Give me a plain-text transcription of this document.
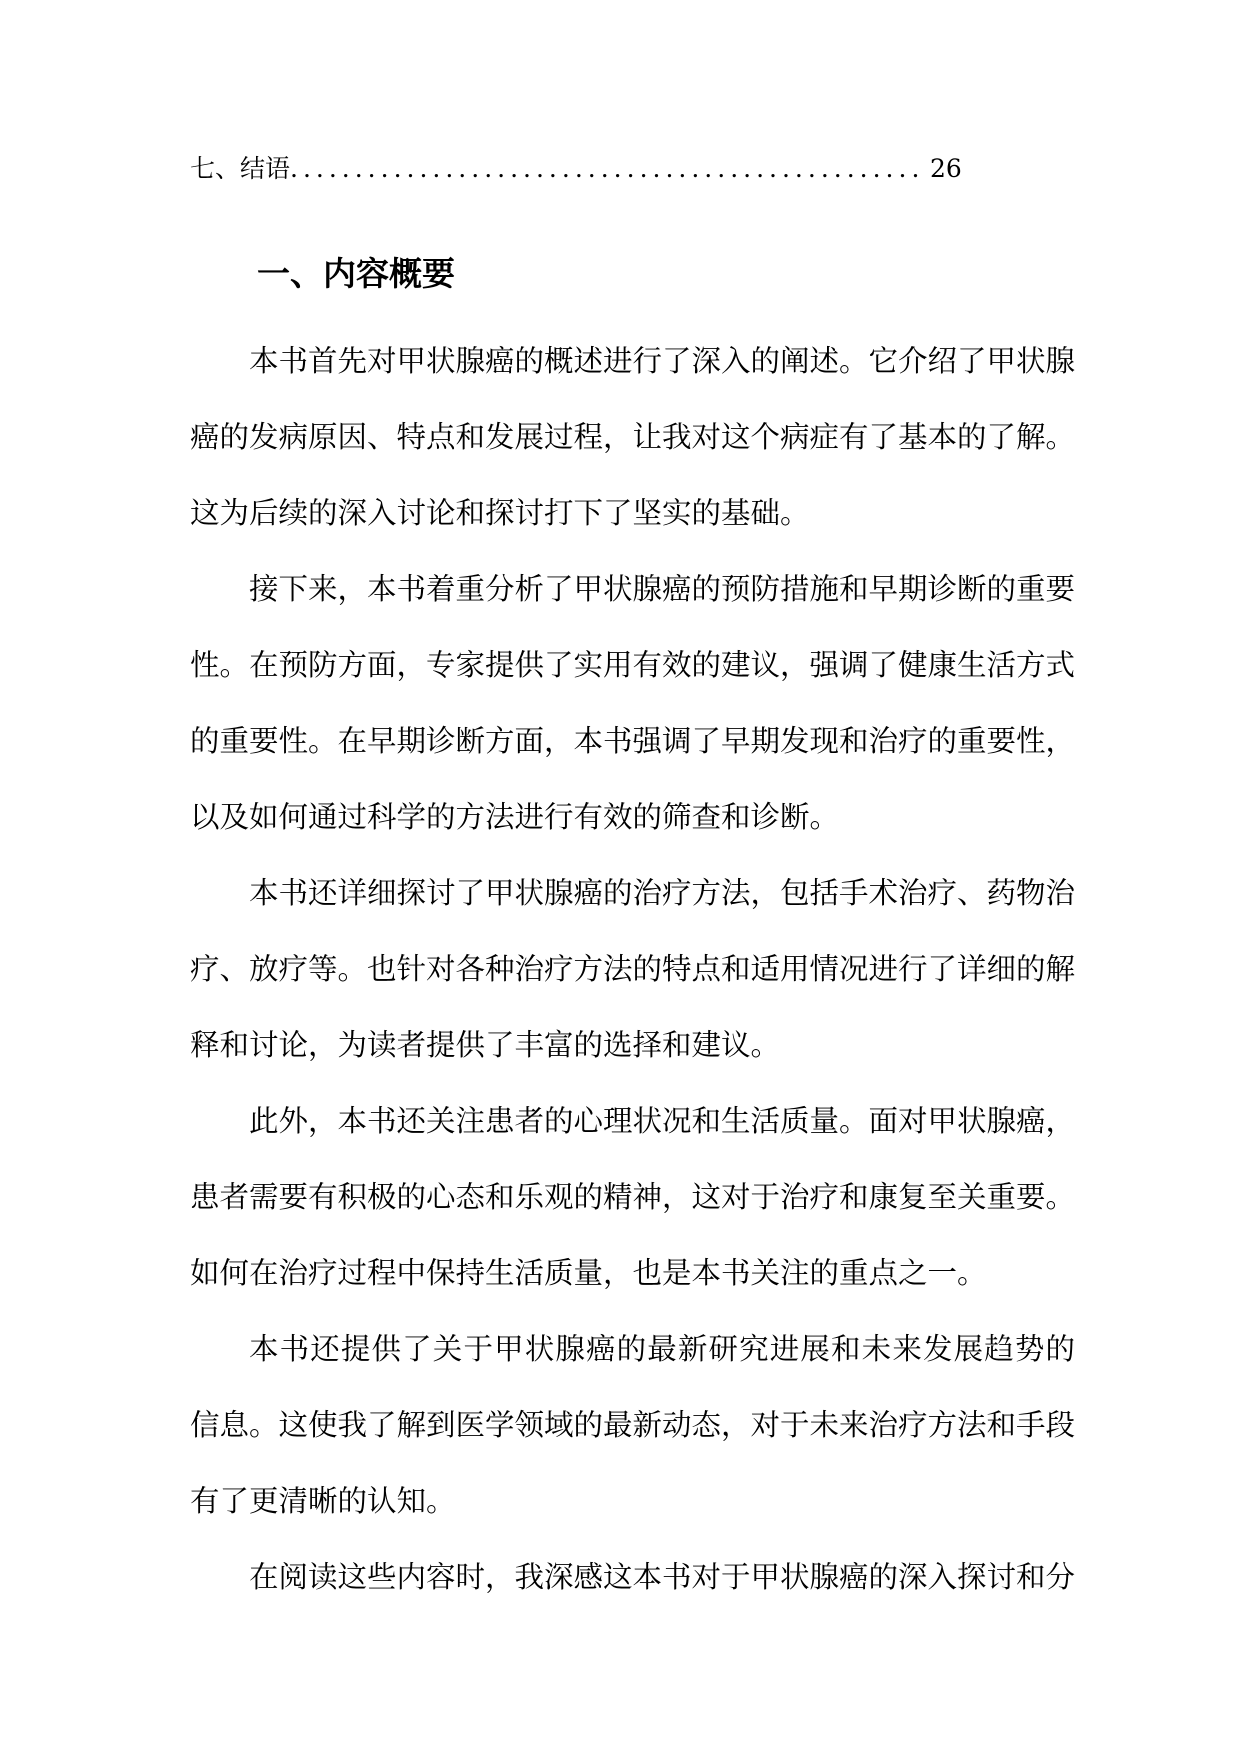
七、结语 ................................................. 26
一、内容概要
本书首先对甲状腺癌的概述进行了深入的阐述。它介绍了甲状腺
癌的发病原因、特点和发展过程，让我对这个病症有了基本的了解。
这为后续的深入讨论和探讨打下了坚实的基础。
接下来，本书着重分析了甲状腺癌的预防措施和早期诊断的重要
性。在预防方面，专家提供了实用有效的建议，强调了健康生活方式
的重要性。在早期诊断方面，本书强调了早期发现和治疗的重要性，
以及如何通过科学的方法进行有效的筛查和诊断。
本书还详细探讨了甲状腺癌的治疗方法，包括手术治疗、药物治
疗、放疗等。也针对各种治疗方法的特点和适用情况进行了详细的解
释和讨论，为读者提供了丰富的选择和建议。
此外，本书还关注患者的心理状况和生活质量。面对甲状腺癌，
患者需要有积极的心态和乐观的精神，这对于治疗和康复至关重要。
如何在治疗过程中保持生活质量，也是本书关注的重点之一。
本书还提供了关于甲状腺癌的最新研究进展和未来发展趋势的
信息。这使我了解到医学领域的最新动态，对于未来治疗方法和手段
有了更清晰的认知。
在阅读这些内容时，我深感这本书对于甲状腺癌的深入探讨和分
